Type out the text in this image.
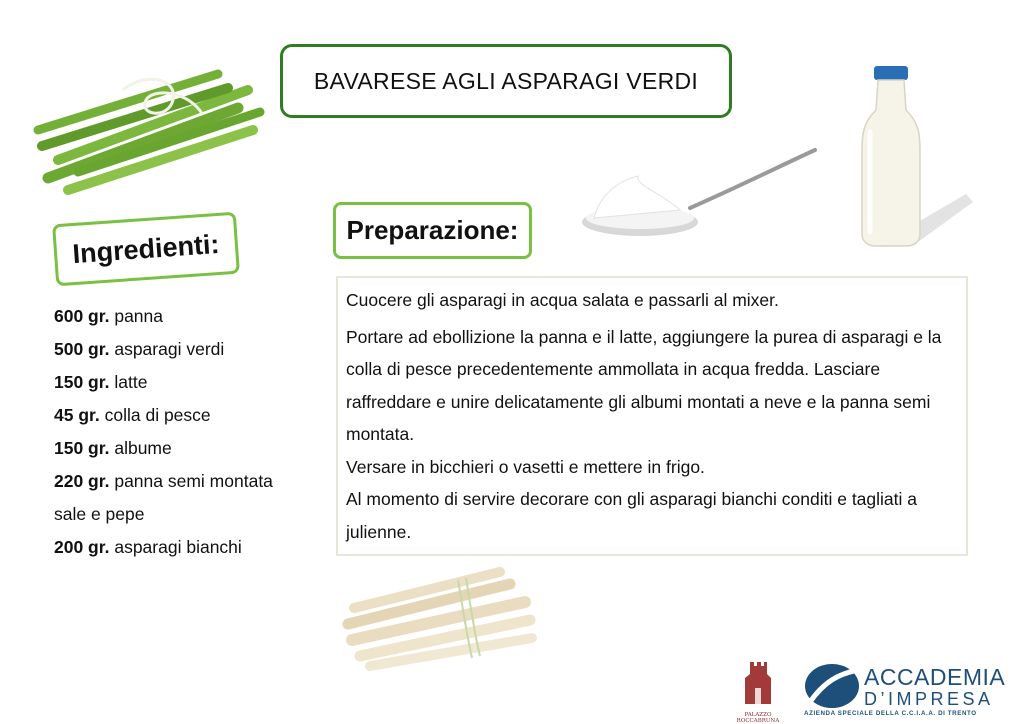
BAVARESE AGLI ASPARAGI VERDI
Ingredienti:
600 gr. panna
500 gr. asparagi verdi
150 gr. latte
45 gr. colla di pesce
150 gr. albume
220 gr. panna semi montata
sale e pepe
200 gr. asparagi bianchi
Preparazione:

Cuocere gli asparagi in acqua salata e passarli al mixer.

Portare ad ebollizione la panna e il latte, aggiungere la purea di asparagi e la colla di pesce precedentemente ammollata in acqua fredda. Lasciare raffreddare e unire delicatamente gli albumi montati a neve e la panna semi montata.

Versare in bicchieri o vasetti e mettere in frigo.

Al momento di servire decorare con gli asparagi bianchi conditi e tagliati a julienne.

PALAZZO
ROCCABRUNA
ACCADEMIA
D’IMPRESA
AZIENDA SPECIALE DELLA C.C.I.A.A. DI TRENTO
